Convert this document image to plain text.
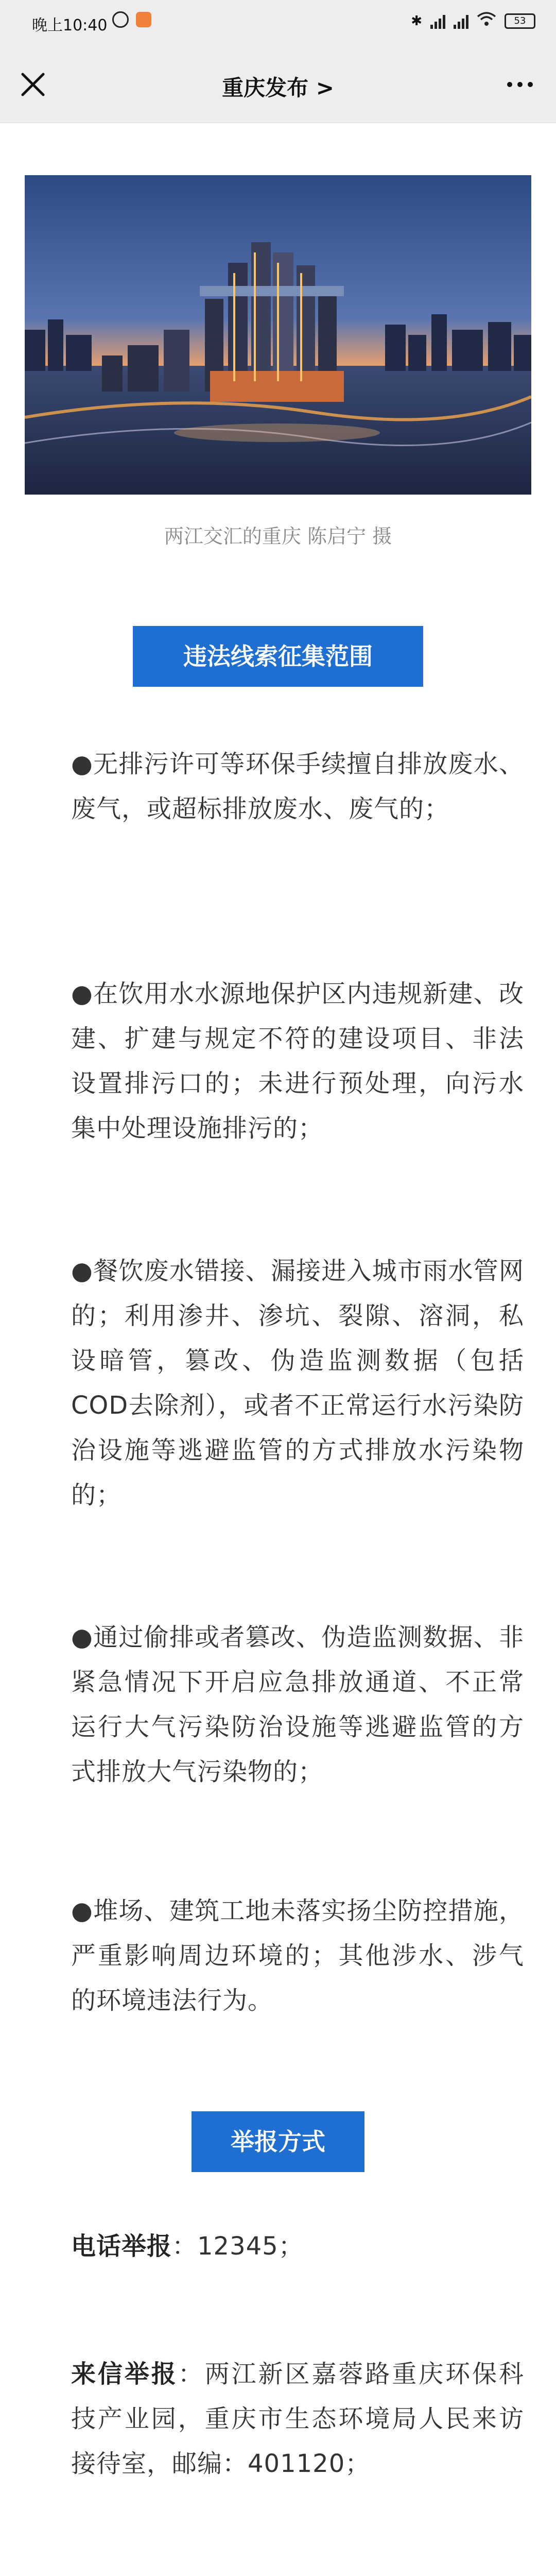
晚上10:40	✱	53
重庆发布 >
两江交汇的重庆 陈启宁 摄
违法线索征集范围

●无排污许可等环保手续擅自排放废水、废气，或超标排放废水、废气的；

●在饮用水水源地保护区内违规新建、改建、扩建与规定不符的建设项目、非法设置排污口的；未进行预处理，向污水集中处理设施排污的；

●餐饮废水错接、漏接进入城市雨水管网的；利用渗井、渗坑、裂隙、溶洞，私设暗管，篡改、伪造监测数据（包括COD去除剂），或者不正常运行水污染防治设施等逃避监管的方式排放水污染物的；

●通过偷排或者篡改、伪造监测数据、非紧急情况下开启应急排放通道、不正常运行大气污染防治设施等逃避监管的方式排放大气污染物的；

●堆场、建筑工地未落实扬尘防控措施，严重影响周边环境的；其他涉水、涉气的环境违法行为。

举报方式

电话举报：12345；

来信举报：两江新区嘉蓉路重庆环保科技产业园，重庆市生态环境局人民来访接待室，邮编：401120；
